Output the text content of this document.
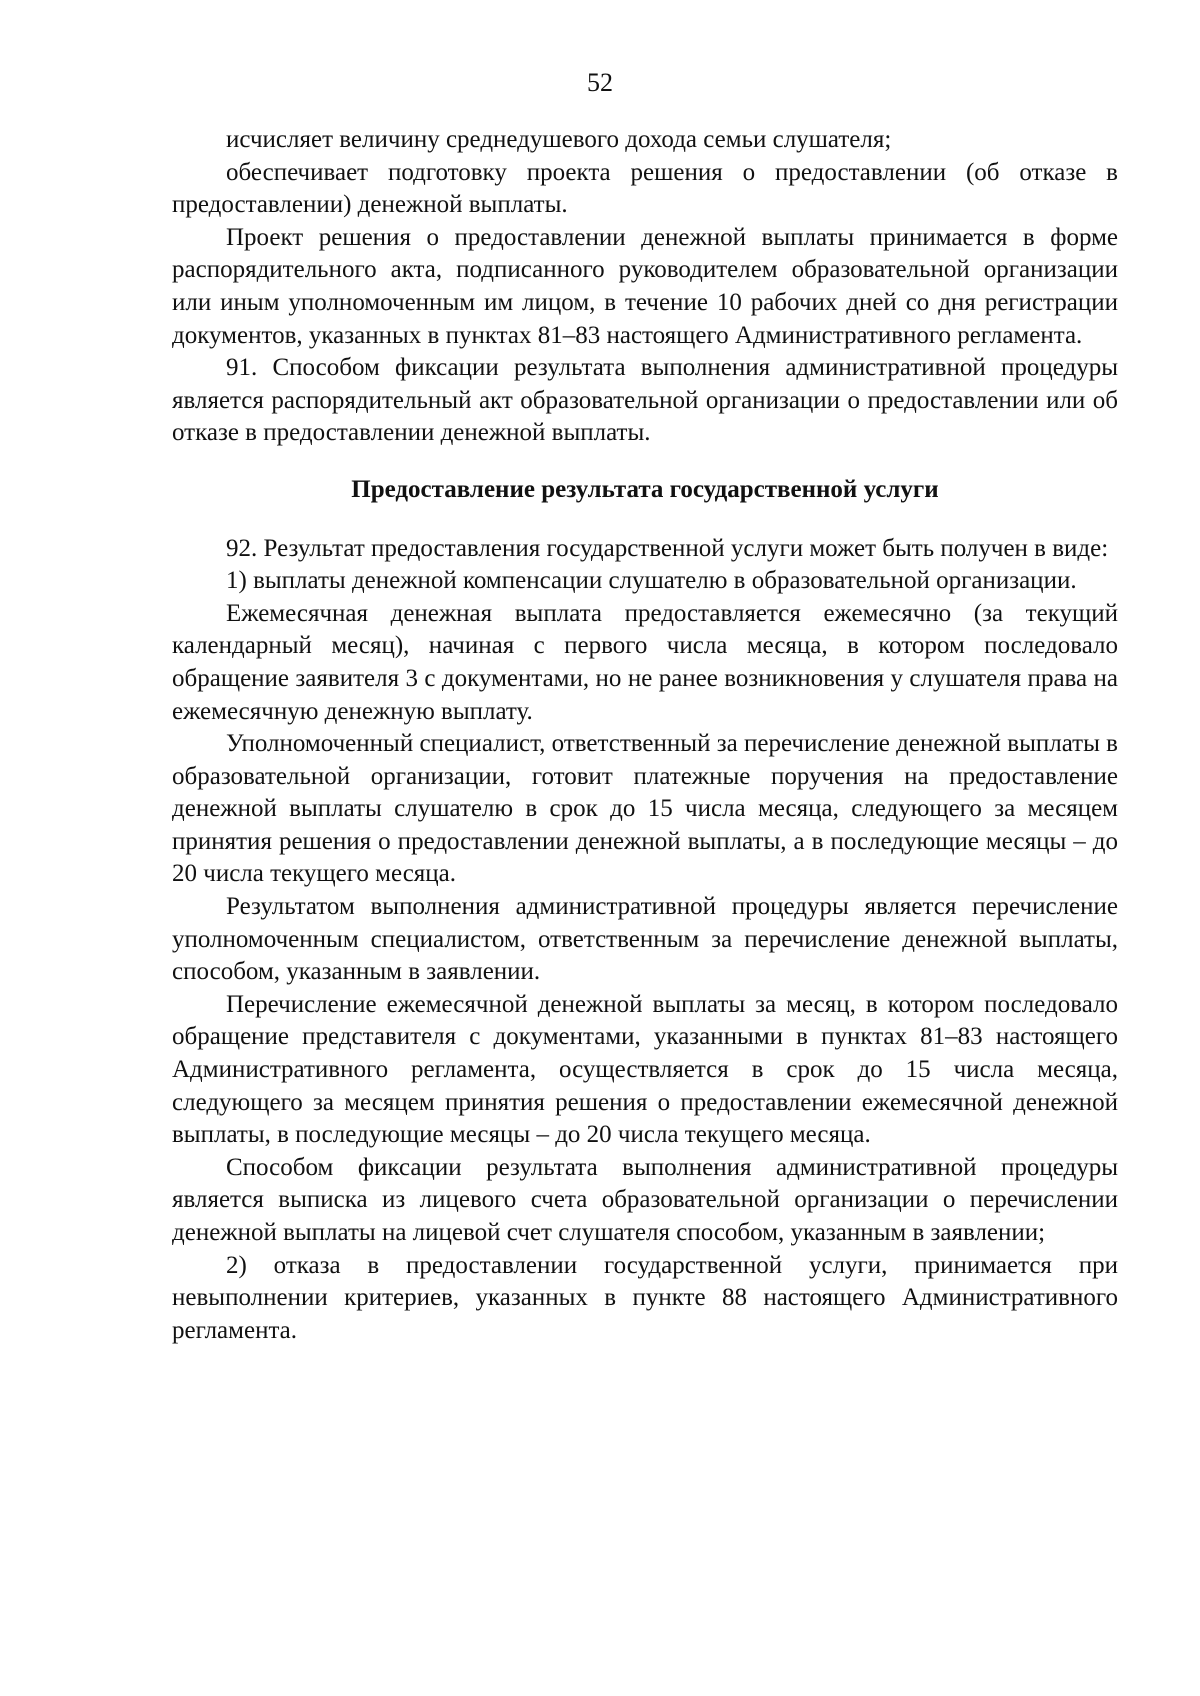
52

исчисляет величину среднедушевого дохода семьи слушателя;

обеспечивает подготовку проекта решения о предоставлении (об отказе в предоставлении) денежной выплаты.

Проект решения о предоставлении денежной выплаты принимается в форме распорядительного акта, подписанного руководителем образовательной организации или иным уполномоченным им лицом, в течение 10 рабочих дней со дня регистрации документов, указанных в пунктах 81–83 настоящего Административного регламента.

91. Способом фиксации результата выполнения административной процедуры является распорядительный акт образовательной организации о предоставлении или об отказе в предоставлении денежной выплаты.

Предоставление результата государственной услуги

92. Результат предоставления государственной услуги может быть получен в виде:

1) выплаты денежной компенсации слушателю в образовательной организации.

Ежемесячная денежная выплата предоставляется ежемесячно (за текущий календарный месяц), начиная с первого числа месяца, в котором последовало обращение заявителя 3 с документами, но не ранее возникновения у слушателя права на ежемесячную денежную выплату.

Уполномоченный специалист, ответственный за перечисление денежной выплаты в образовательной организации, готовит платежные поручения на предоставление денежной выплаты слушателю в срок до 15 числа месяца, следующего за месяцем принятия решения о предоставлении денежной выплаты, а в последующие месяцы – до 20 числа текущего месяца.

Результатом выполнения административной процедуры является перечисление уполномоченным специалистом, ответственным за перечисление денежной выплаты, способом, указанным в заявлении.

Перечисление ежемесячной денежной выплаты за месяц, в котором последовало обращение представителя с документами, указанными в пунктах 81–83 настоящего Административного регламента, осуществляется в срок до 15 числа месяца, следующего за месяцем принятия решения о предоставлении ежемесячной денежной выплаты, в последующие месяцы – до 20 числа текущего месяца.

Способом фиксации результата выполнения административной процедуры является выписка из лицевого счета образовательной организации о перечислении денежной выплаты на лицевой счет слушателя способом, указанным в заявлении;

2) отказа в предоставлении государственной услуги, принимается при невыполнении критериев, указанных в пункте 88 настоящего Административного регламента.
